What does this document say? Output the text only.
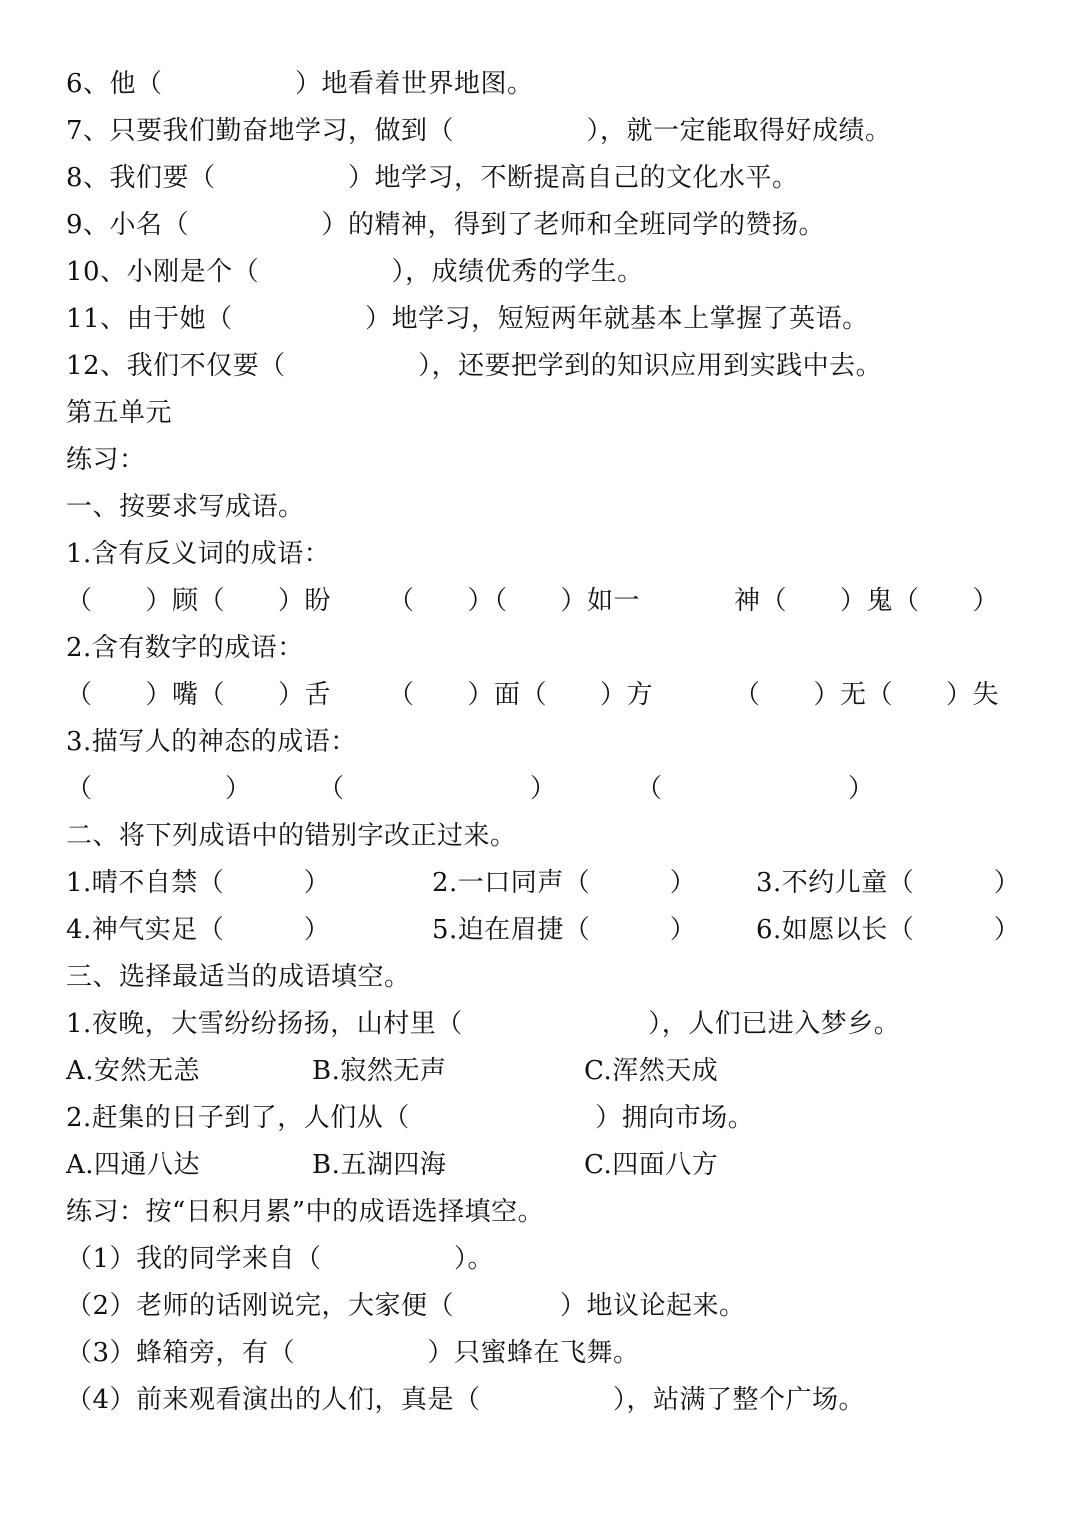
6、他（　　　　　）地看着世界地图。
7、只要我们勤奋地学习，做到（　　　　　），就一定能取得好成绩。
8、我们要（　　　　　）地学习，不断提高自己的文化水平。
9、小名（　　　　　）的精神，得到了老师和全班同学的赞扬。
10、小刚是个（　　　　　），成绩优秀的学生。
11、由于她（　　　　　）地学习，短短两年就基本上掌握了英语。
12、我们不仅要（　　　　　），还要把学到的知识应用到实践中去。
第五单元
练习：
一、按要求写成语。
1.含有反义词的成语：
（　　）顾（　　）盼 （　　）（　　）如一	神（　　）鬼（　　）
2.含有数字的成语：
（　　）嘴（　　）舌 （　　）面（　　）方	（　　）无（　　）失
3.描写人的神态的成语：
（　　　　　）	（　　　　　　　）	（　　　　　　　）
二、将下列成语中的错别字改正过来。
1.晴不自禁（　　　）	2.一口同声（　　　） 3.不约儿童（　　　）
4.神气实足（　　　）	5.迫在眉捷（　　　） 6.如愿以长（　　　）
三、选择最适当的成语填空。
1.夜晚，大雪纷纷扬扬，山村里（　　　　　　　），人们已进入梦乡。
A.安然无恙	B.寂然无声	C.浑然天成
2.赶集的日子到了，人们从（　　　　　　　）拥向市场。
A.四通八达	B.五湖四海	C.四面八方
练习：按“日积月累”中的成语选择填空。
（1）我的同学来自（　　　　　）。
（2）老师的话刚说完，大家便（　　　　）地议论起来。
（3）蜂箱旁，有（　　　　　）只蜜蜂在飞舞。
（4）前来观看演出的人们，真是（　　　　　），站满了整个广场。
